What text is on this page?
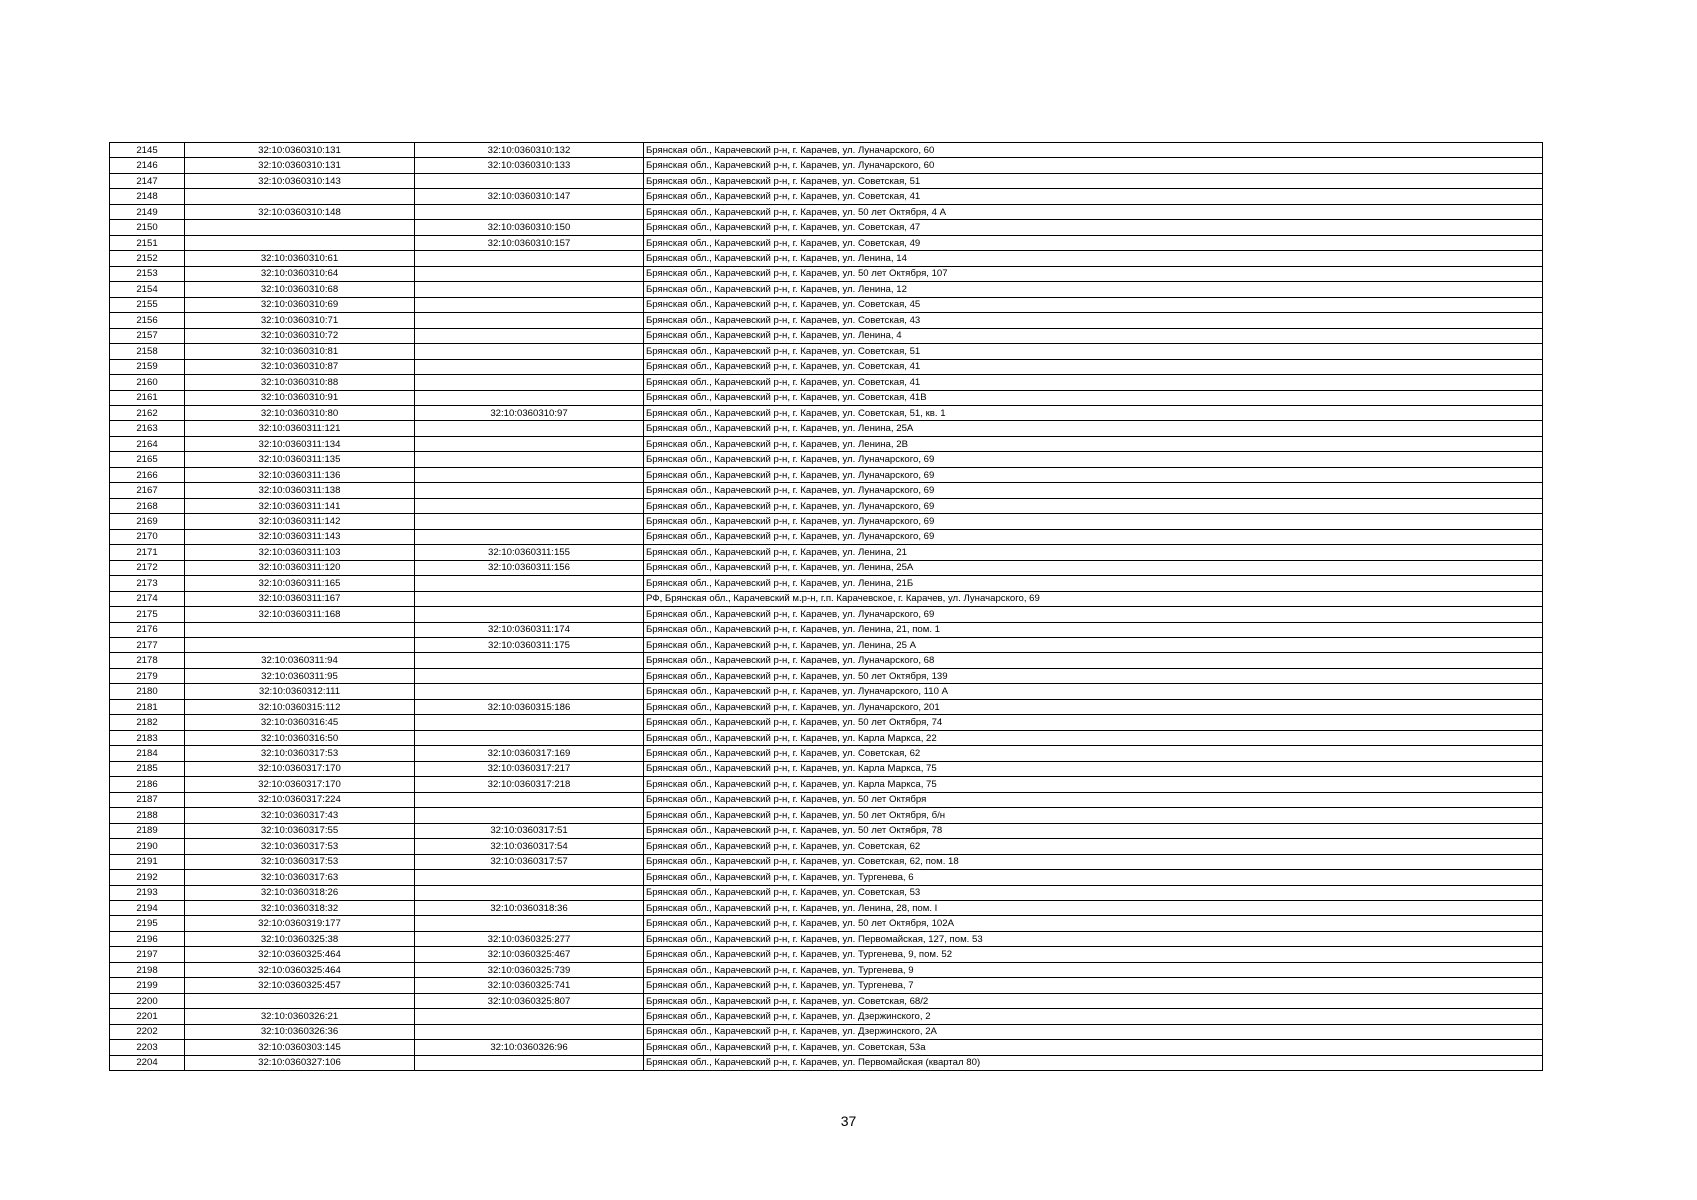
2145	32:10:0360310:131	32:10:0360310:132	Брянская обл., Карачевский р-н, г. Карачев, ул. Луначарского, 60
2146	32:10:0360310:131	32:10:0360310:133	Брянская обл., Карачевский р-н, г. Карачев, ул. Луначарского, 60
2147	32:10:0360310:143		Брянская обл., Карачевский р-н, г. Карачев, ул. Советская, 51
2148		32:10:0360310:147	Брянская обл., Карачевский р-н, г. Карачев, ул. Советская, 41
2149	32:10:0360310:148		Брянская обл., Карачевский р-н, г. Карачев, ул. 50 лет Октября, 4 А
2150		32:10:0360310:150	Брянская обл., Карачевский р-н, г. Карачев, ул. Советская, 47
2151		32:10:0360310:157	Брянская обл., Карачевский р-н, г. Карачев, ул. Советская, 49
2152	32:10:0360310:61		Брянская обл., Карачевский р-н, г. Карачев, ул. Ленина, 14
2153	32:10:0360310:64		Брянская обл., Карачевский р-н, г. Карачев, ул. 50 лет Октября, 107
2154	32:10:0360310:68		Брянская обл., Карачевский р-н, г. Карачев, ул. Ленина, 12
2155	32:10:0360310:69		Брянская обл., Карачевский р-н, г. Карачев, ул. Советская, 45
2156	32:10:0360310:71		Брянская обл., Карачевский р-н, г. Карачев, ул. Советская, 43
2157	32:10:0360310:72		Брянская обл., Карачевский р-н, г. Карачев, ул. Ленина, 4
2158	32:10:0360310:81		Брянская обл., Карачевский р-н, г. Карачев, ул. Советская, 51
2159	32:10:0360310:87		Брянская обл., Карачевский р-н, г. Карачев, ул. Советская, 41
2160	32:10:0360310:88		Брянская обл., Карачевский р-н, г. Карачев, ул. Советская, 41
2161	32:10:0360310:91		Брянская обл., Карачевский р-н, г. Карачев, ул. Советская, 41В
2162	32:10:0360310:80	32:10:0360310:97	Брянская обл., Карачевский р-н, г. Карачев, ул. Советская, 51, кв. 1
2163	32:10:0360311:121		Брянская обл., Карачевский р-н, г. Карачев, ул. Ленина, 25А
2164	32:10:0360311:134		Брянская обл., Карачевский р-н, г. Карачев, ул. Ленина, 2В
2165	32:10:0360311:135		Брянская обл., Карачевский р-н, г. Карачев, ул. Луначарского, 69
2166	32:10:0360311:136		Брянская обл., Карачевский р-н, г. Карачев, ул. Луначарского, 69
2167	32:10:0360311:138		Брянская обл., Карачевский р-н, г. Карачев, ул. Луначарского, 69
2168	32:10:0360311:141		Брянская обл., Карачевский р-н, г. Карачев, ул. Луначарского, 69
2169	32:10:0360311:142		Брянская обл., Карачевский р-н, г. Карачев, ул. Луначарского, 69
2170	32:10:0360311:143		Брянская обл., Карачевский р-н, г. Карачев, ул. Луначарского, 69
2171	32:10:0360311:103	32:10:0360311:155	Брянская обл., Карачевский р-н, г. Карачев, ул. Ленина, 21
2172	32:10:0360311:120	32:10:0360311:156	Брянская обл., Карачевский р-н, г. Карачев, ул. Ленина, 25А
2173	32:10:0360311:165		Брянская обл., Карачевский р-н, г. Карачев, ул. Ленина, 21Б
2174	32:10:0360311:167		РФ, Брянская обл., Карачевский м.р-н, г.п. Карачевское, г. Карачев, ул. Луначарского, 69
2175	32:10:0360311:168		Брянская обл., Карачевский р-н, г. Карачев, ул. Луначарского, 69
2176		32:10:0360311:174	Брянская обл., Карачевский р-н, г. Карачев, ул. Ленина, 21, пом. 1
2177		32:10:0360311:175	Брянская обл., Карачевский р-н, г. Карачев, ул. Ленина, 25 А
2178	32:10:0360311:94		Брянская обл., Карачевский р-н, г. Карачев, ул. Луначарского, 68
2179	32:10:0360311:95		Брянская обл., Карачевский р-н, г. Карачев, ул. 50 лет Октября, 139
2180	32:10:0360312:111		Брянская обл., Карачевский р-н, г. Карачев, ул. Луначарского, 110 А
2181	32:10:0360315:112	32:10:0360315:186	Брянская обл., Карачевский р-н, г. Карачев, ул. Луначарского, 201
2182	32:10:0360316:45		Брянская обл., Карачевский р-н, г. Карачев, ул. 50 лет Октября, 74
2183	32:10:0360316:50		Брянская обл., Карачевский р-н, г. Карачев, ул. Карла Маркса, 22
2184	32:10:0360317:53	32:10:0360317:169	Брянская обл., Карачевский р-н, г. Карачев, ул. Советская, 62
2185	32:10:0360317:170	32:10:0360317:217	Брянская обл., Карачевский р-н, г. Карачев, ул. Карла Маркса, 75
2186	32:10:0360317:170	32:10:0360317:218	Брянская обл., Карачевский р-н, г. Карачев, ул. Карла Маркса, 75
2187	32:10:0360317:224		Брянская обл., Карачевский р-н, г. Карачев, ул. 50 лет Октября
2188	32:10:0360317:43		Брянская обл., Карачевский р-н, г. Карачев, ул. 50 лет Октября, б/н
2189	32:10:0360317:55	32:10:0360317:51	Брянская обл., Карачевский р-н, г. Карачев, ул. 50 лет Октября, 78
2190	32:10:0360317:53	32:10:0360317:54	Брянская обл., Карачевский р-н, г. Карачев, ул. Советская, 62
2191	32:10:0360317:53	32:10:0360317:57	Брянская обл., Карачевский р-н, г. Карачев, ул. Советская, 62, пом. 18
2192	32:10:0360317:63		Брянская обл., Карачевский р-н, г. Карачев, ул. Тургенева, 6
2193	32:10:0360318:26		Брянская обл., Карачевский р-н, г. Карачев, ул. Советская, 53
2194	32:10:0360318:32	32:10:0360318:36	Брянская обл., Карачевский р-н, г. Карачев, ул. Ленина, 28, пом. I
2195	32:10:0360319:177		Брянская обл., Карачевский р-н, г. Карачев, ул. 50 лет Октября, 102А
2196	32:10:0360325:38	32:10:0360325:277	Брянская обл., Карачевский р-н, г. Карачев, ул. Первомайская, 127, пом. 53
2197	32:10:0360325:464	32:10:0360325:467	Брянская обл., Карачевский р-н, г. Карачев, ул. Тургенева, 9, пом. 52
2198	32:10:0360325:464	32:10:0360325:739	Брянская обл., Карачевский р-н, г. Карачев, ул. Тургенева, 9
2199	32:10:0360325:457	32:10:0360325:741	Брянская обл., Карачевский р-н, г. Карачев, ул. Тургенева, 7
2200		32:10:0360325:807	Брянская обл., Карачевский р-н, г. Карачев, ул. Советская, 68/2
2201	32:10:0360326:21		Брянская обл., Карачевский р-н, г. Карачев, ул. Дзержинского, 2
2202	32:10:0360326:36		Брянская обл., Карачевский р-н, г. Карачев, ул. Дзержинского, 2А
2203	32:10:0360303:145	32:10:0360326:96	Брянская обл., Карачевский р-н, г. Карачев, ул. Советская, 53а
2204	32:10:0360327:106		Брянская обл., Карачевский р-н, г. Карачев, ул. Первомайская (квартал 80)
37
